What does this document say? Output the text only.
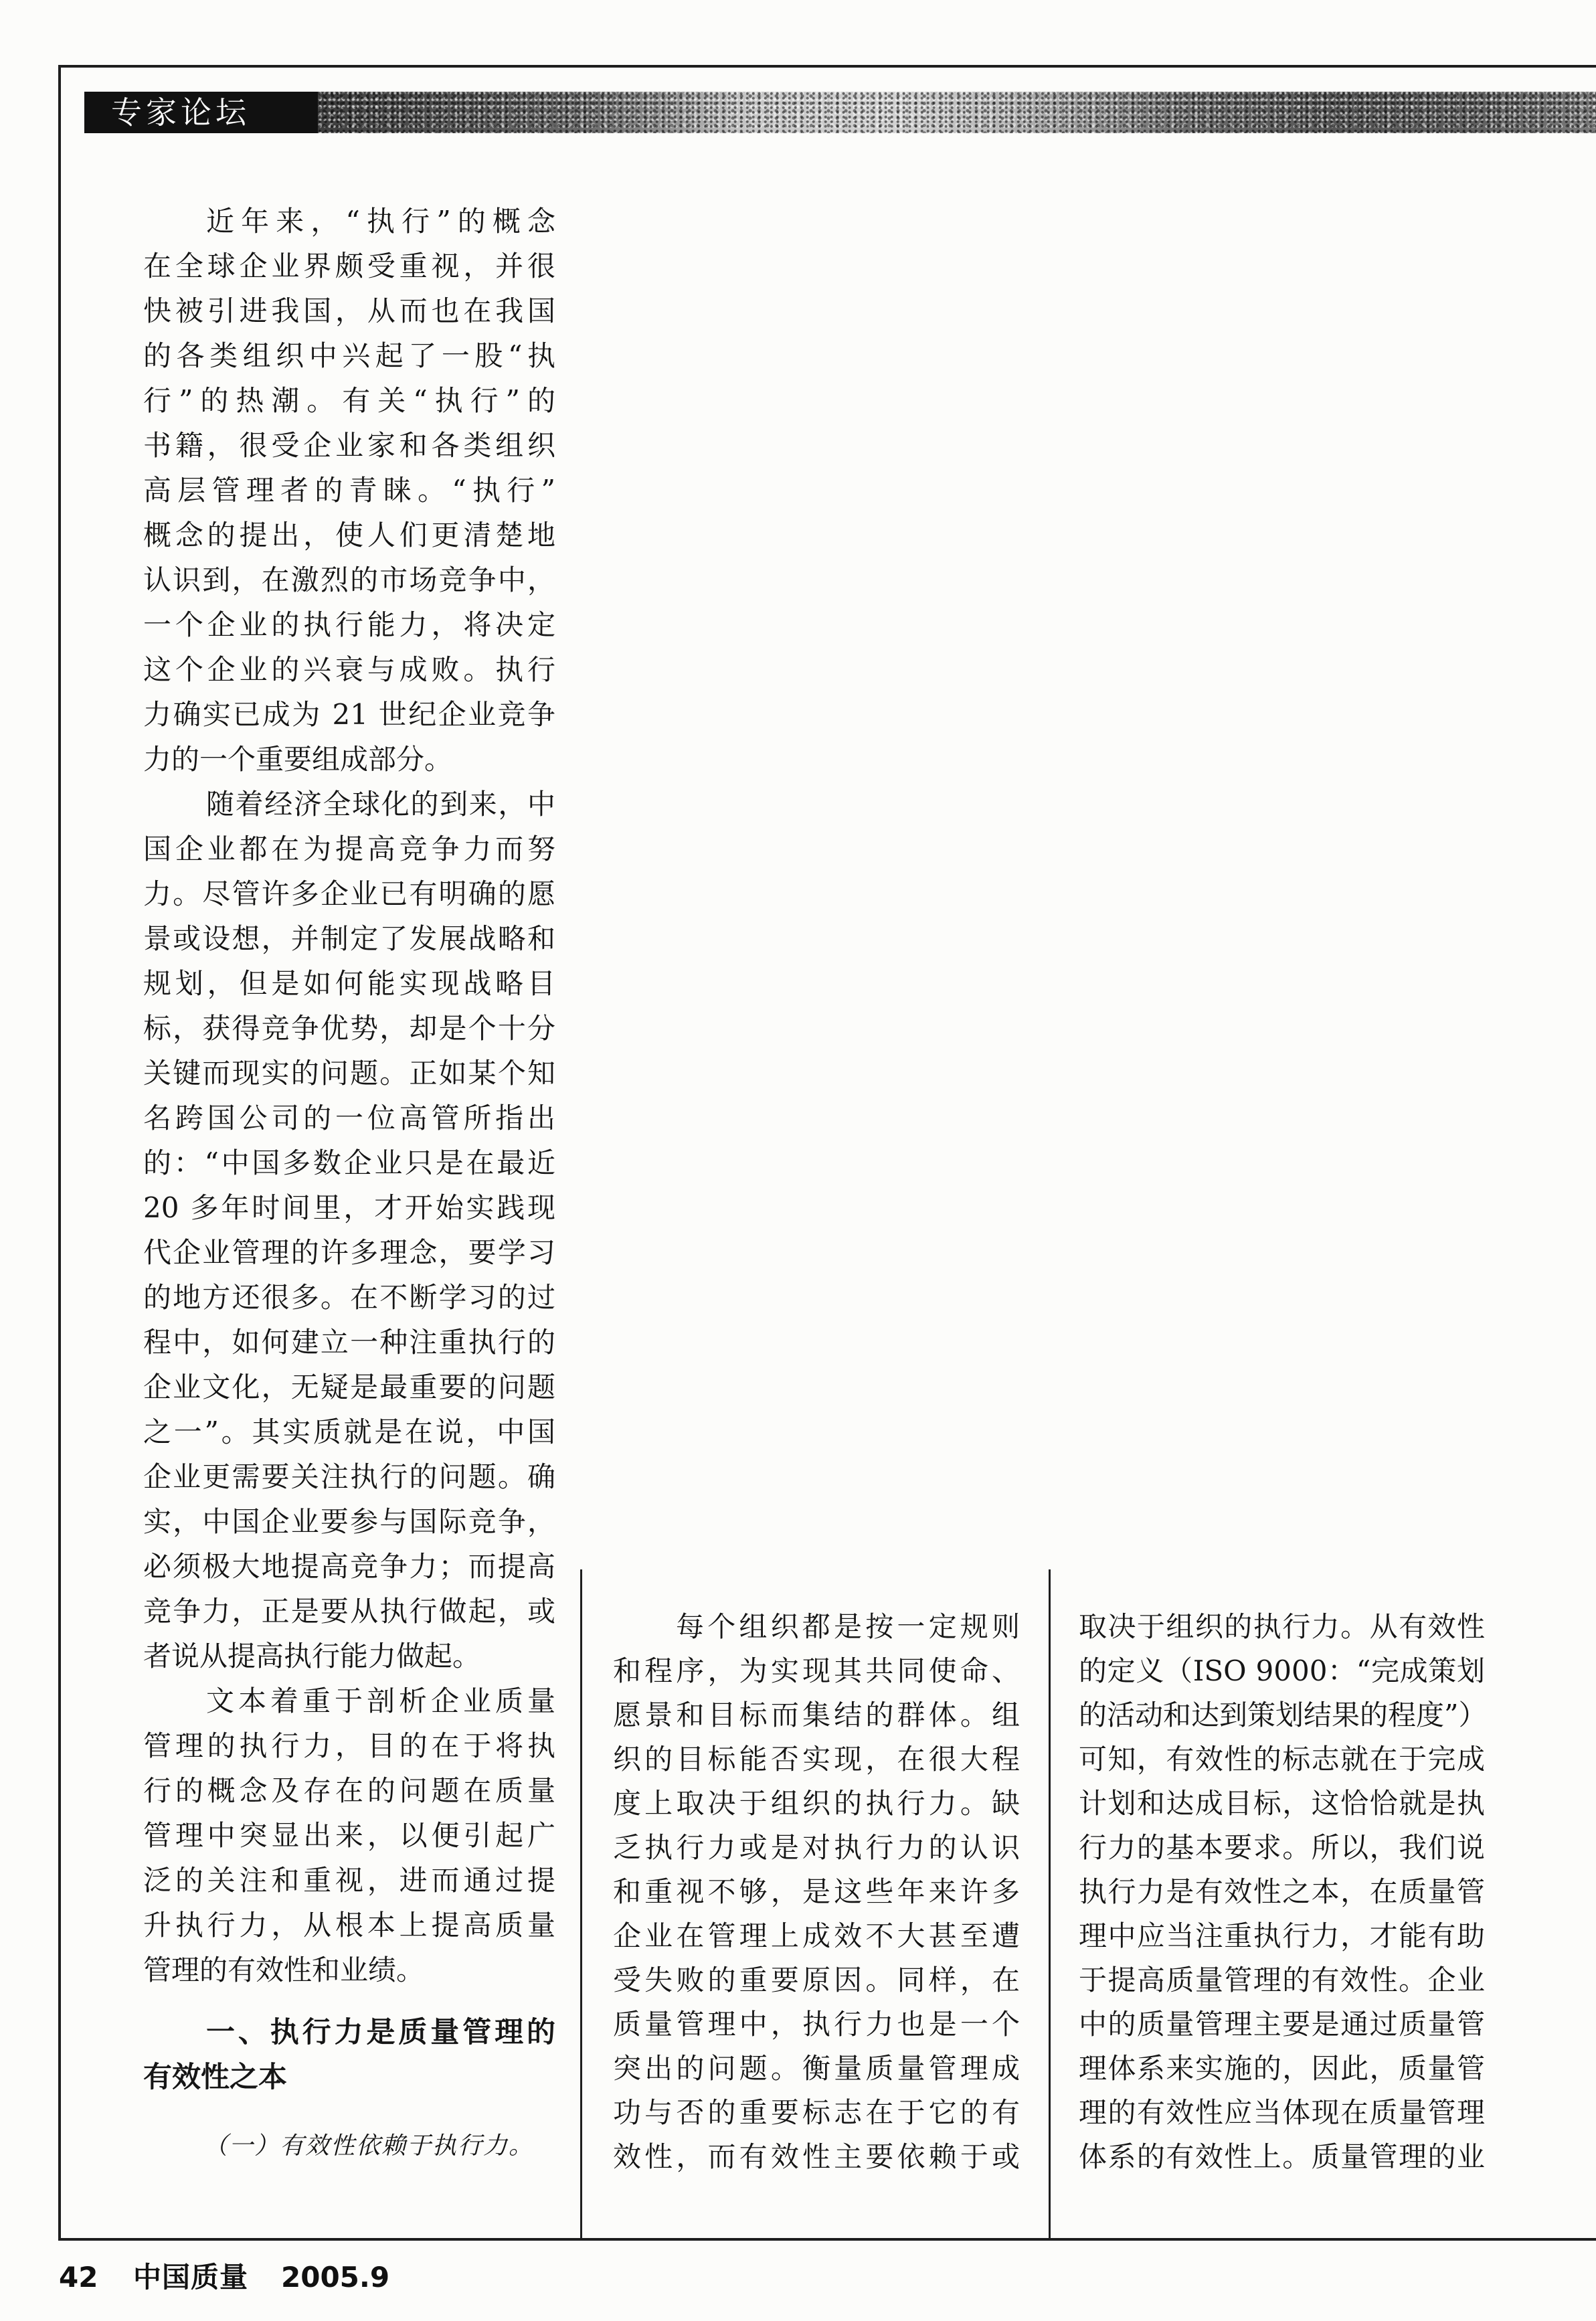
专家论坛
近年来，“执行”的概念
在全球企业界颇受重视，并很
快被引进我国，从而也在我国
的各类组织中兴起了一股“执
行”的热潮。有关“执行”的
书籍，很受企业家和各类组织
高层管理者的青睐。“执行”
概念的提出，使人们更清楚地
认识到，在激烈的市场竞争中，
一个企业的执行能力，将决定
这个企业的兴衰与成败。执行
力确实已成为 21 世纪企业竞争
力的一个重要组成部分。
随着经济全球化的到来，中
国企业都在为提高竞争力而努
力。尽管许多企业已有明确的愿
景或设想，并制定了发展战略和
规划，但是如何能实现战略目
标，获得竞争优势，却是个十分
关键而现实的问题。正如某个知
名跨国公司的一位高管所指出
的：“中国多数企业只是在最近
20 多年时间里，才开始实践现
代企业管理的许多理念，要学习
的地方还很多。在不断学习的过
程中，如何建立一种注重执行的
企业文化，无疑是最重要的问题
之一”。其实质就是在说，中国
企业更需要关注执行的问题。确
实，中国企业要参与国际竞争，
必须极大地提高竞争力；而提高
竞争力，正是要从执行做起，或
者说从提高执行能力做起。
文本着重于剖析企业质量
管理的执行力，目的在于将执
行的概念及存在的问题在质量
管理中突显出来，以便引起广
泛的关注和重视，进而通过提
升执行力，从根本上提高质量
管理的有效性和业绩。
一、执行力是质量管理的
有效性之本
（一）有效性依赖于执行力。
每个组织都是按一定规则
和程序，为实现其共同使命、
愿景和目标而集结的群体。组
织的目标能否实现，在很大程
度上取决于组织的执行力。缺
乏执行力或是对执行力的认识
和重视不够，是这些年来许多
企业在管理上成效不大甚至遭
受失败的重要原因。同样，在
质量管理中，执行力也是一个
突出的问题。衡量质量管理成
功与否的重要标志在于它的有
效性，而有效性主要依赖于或
取决于组织的执行力。从有效性
的定义（ISO 9000：“完成策划
的活动和达到策划结果的程度”）
可知，有效性的标志就在于完成
计划和达成目标，这恰恰就是执
行力的基本要求。所以，我们说
执行力是有效性之本，在质量管
理中应当注重执行力，才能有助
于提高质量管理的有效性。企业
中的质量管理主要是通过质量管
理体系来实施的，因此，质量管
理的有效性应当体现在质量管理
体系的有效性上。质量管理的业
42 中国质量 2005.9
